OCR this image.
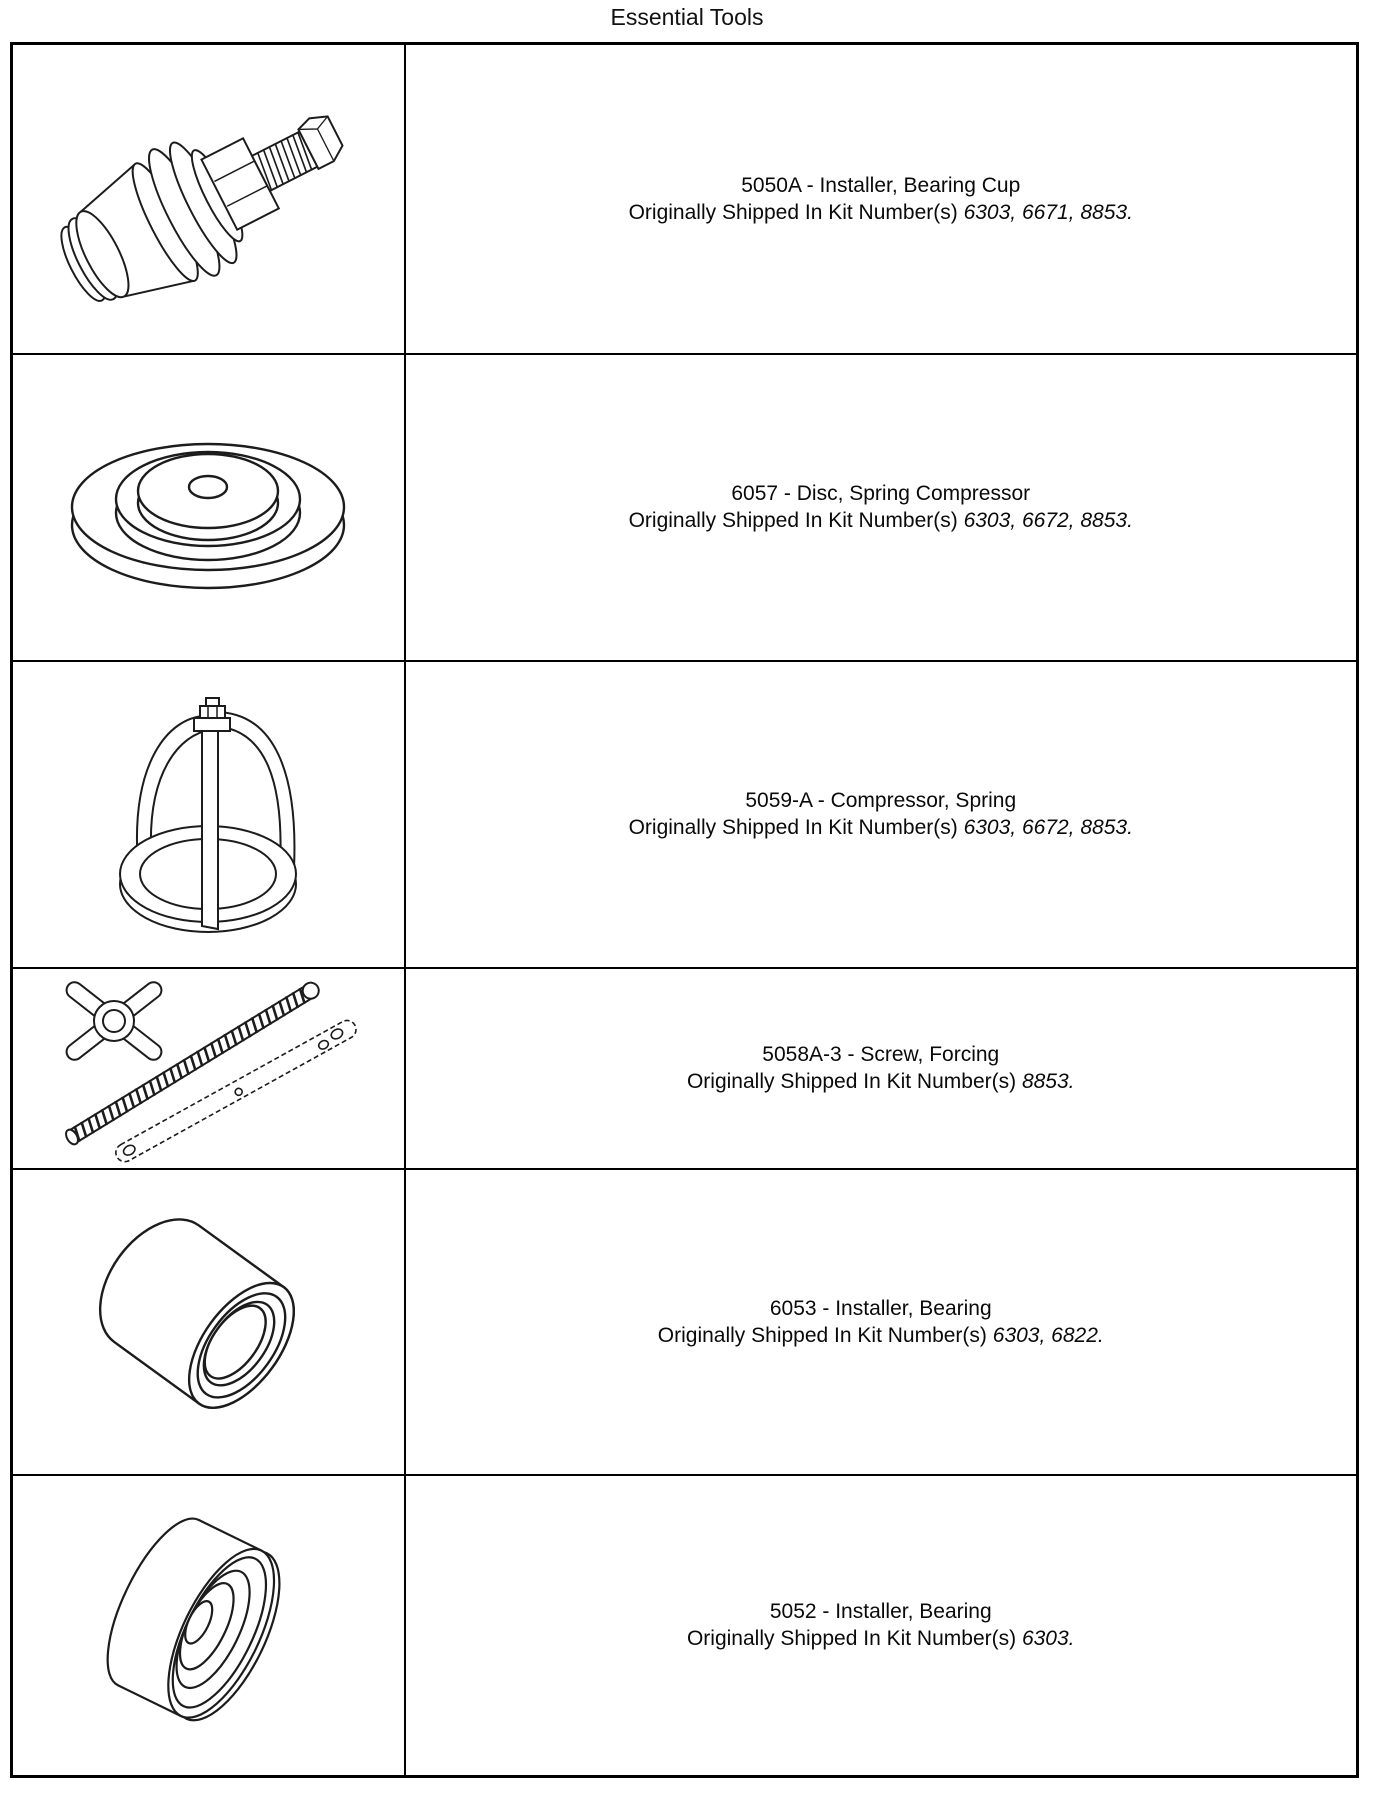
Essential Tools

5050A - Installer, Bearing Cup
Originally Shipped In Kit Number(s) 6303, 6671, 8853.

6057 - Disc, Spring Compressor
Originally Shipped In Kit Number(s) 6303, 6672, 8853.

5059-A - Compressor, Spring
Originally Shipped In Kit Number(s) 6303, 6672, 8853.

5058A-3 - Screw, Forcing
Originally Shipped In Kit Number(s) 8853.

6053 - Installer, Bearing
Originally Shipped In Kit Number(s) 6303, 6822.

5052 - Installer, Bearing
Originally Shipped In Kit Number(s) 6303.
